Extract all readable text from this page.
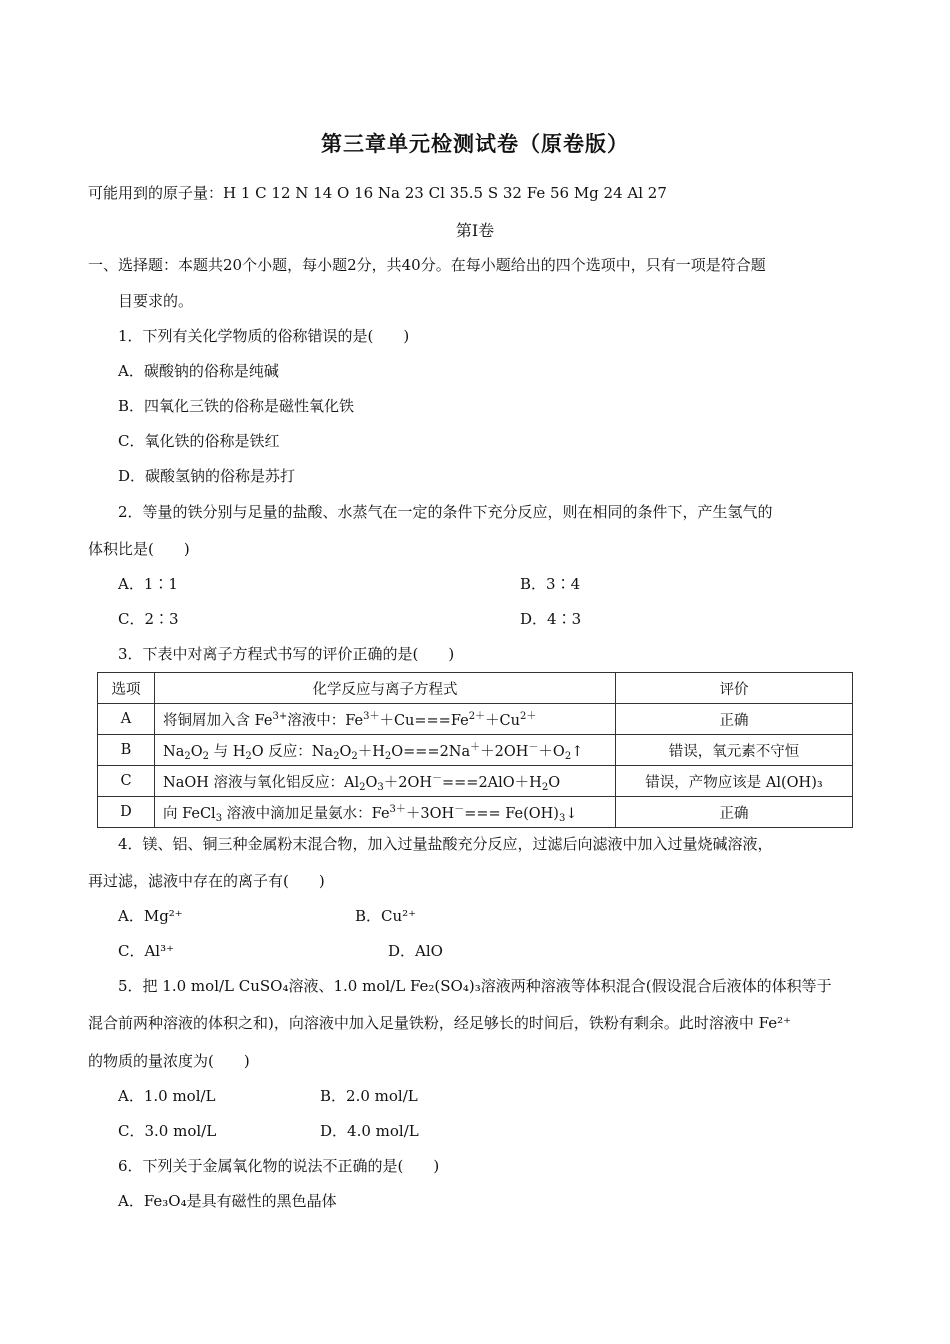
第三章单元检测试卷（原卷版）
可能用到的原子量：H 1 C 12 N 14 O 16 Na 23 Cl 35.5 S 32 Fe 56 Mg 24 Al 27
第Ⅰ卷
一、选择题：本题共20个小题，每小题2分，共40分。在每小题给出的四个选项中，只有一项是符合题
目要求的。
1．下列有关化学物质的俗称错误的是(　　)
A．碳酸钠的俗称是纯碱
B．四氧化三铁的俗称是磁性氧化铁
C．氧化铁的俗称是铁红
D．碳酸氢钠的俗称是苏打
2．等量的铁分别与足量的盐酸、水蒸气在一定的条件下充分反应，则在相同的条件下，产生氢气的
体积比是(　　)
A．1∶1	B．3∶4
C．2∶3	D．4∶3
3．下表中对离子方程式书写的评价正确的是(　　)
选项	化学反应与离子方程式	评价
A	将铜屑加入含 $Fe^{3+}$溶液中：$Fe^{3+}+Cu===Fe^{2+}+Cu^{2+}$	正确
B	$Na_2O_2$ 与 $H_2O$ 反应：$Na_2O_2+H_2O===2Na^++2OH^-+O_2↑$	错误，氧元素不守恒
C	NaOH 溶液与氧化铝反应：$Al_2O_3+2OH^-===2AlO+H_2O$	错误，产物应该是 Al(OH)₃
D	向 FeCl$_3$ 溶液中滴加足量氨水：$Fe^{3+}+3OH^-===$ $Fe(OH)_3↓$	正确
4．镁、铝、铜三种金属粉末混合物，加入过量盐酸充分反应，过滤后向滤液中加入过量烧碱溶液，
再过滤，滤液中存在的离子有(　　)
A．Mg²⁺	B．Cu²⁺
C．Al³⁺	D．AlO
5．把 1.0 mol/L CuSO₄溶液、1.0 mol/L Fe₂(SO₄)₃溶液两种溶液等体积混合(假设混合后液体的体积等于
混合前两种溶液的体积之和)，向溶液中加入足量铁粉，经足够长的时间后，铁粉有剩余。此时溶液中 Fe²⁺
的物质的量浓度为(　　)
A．1.0 mol/L	B．2.0 mol/L
C．3.0 mol/L	D．4.0 mol/L
6．下列关于金属氧化物的说法不正确的是(　　)
A．Fe₃O₄是具有磁性的黑色晶体
